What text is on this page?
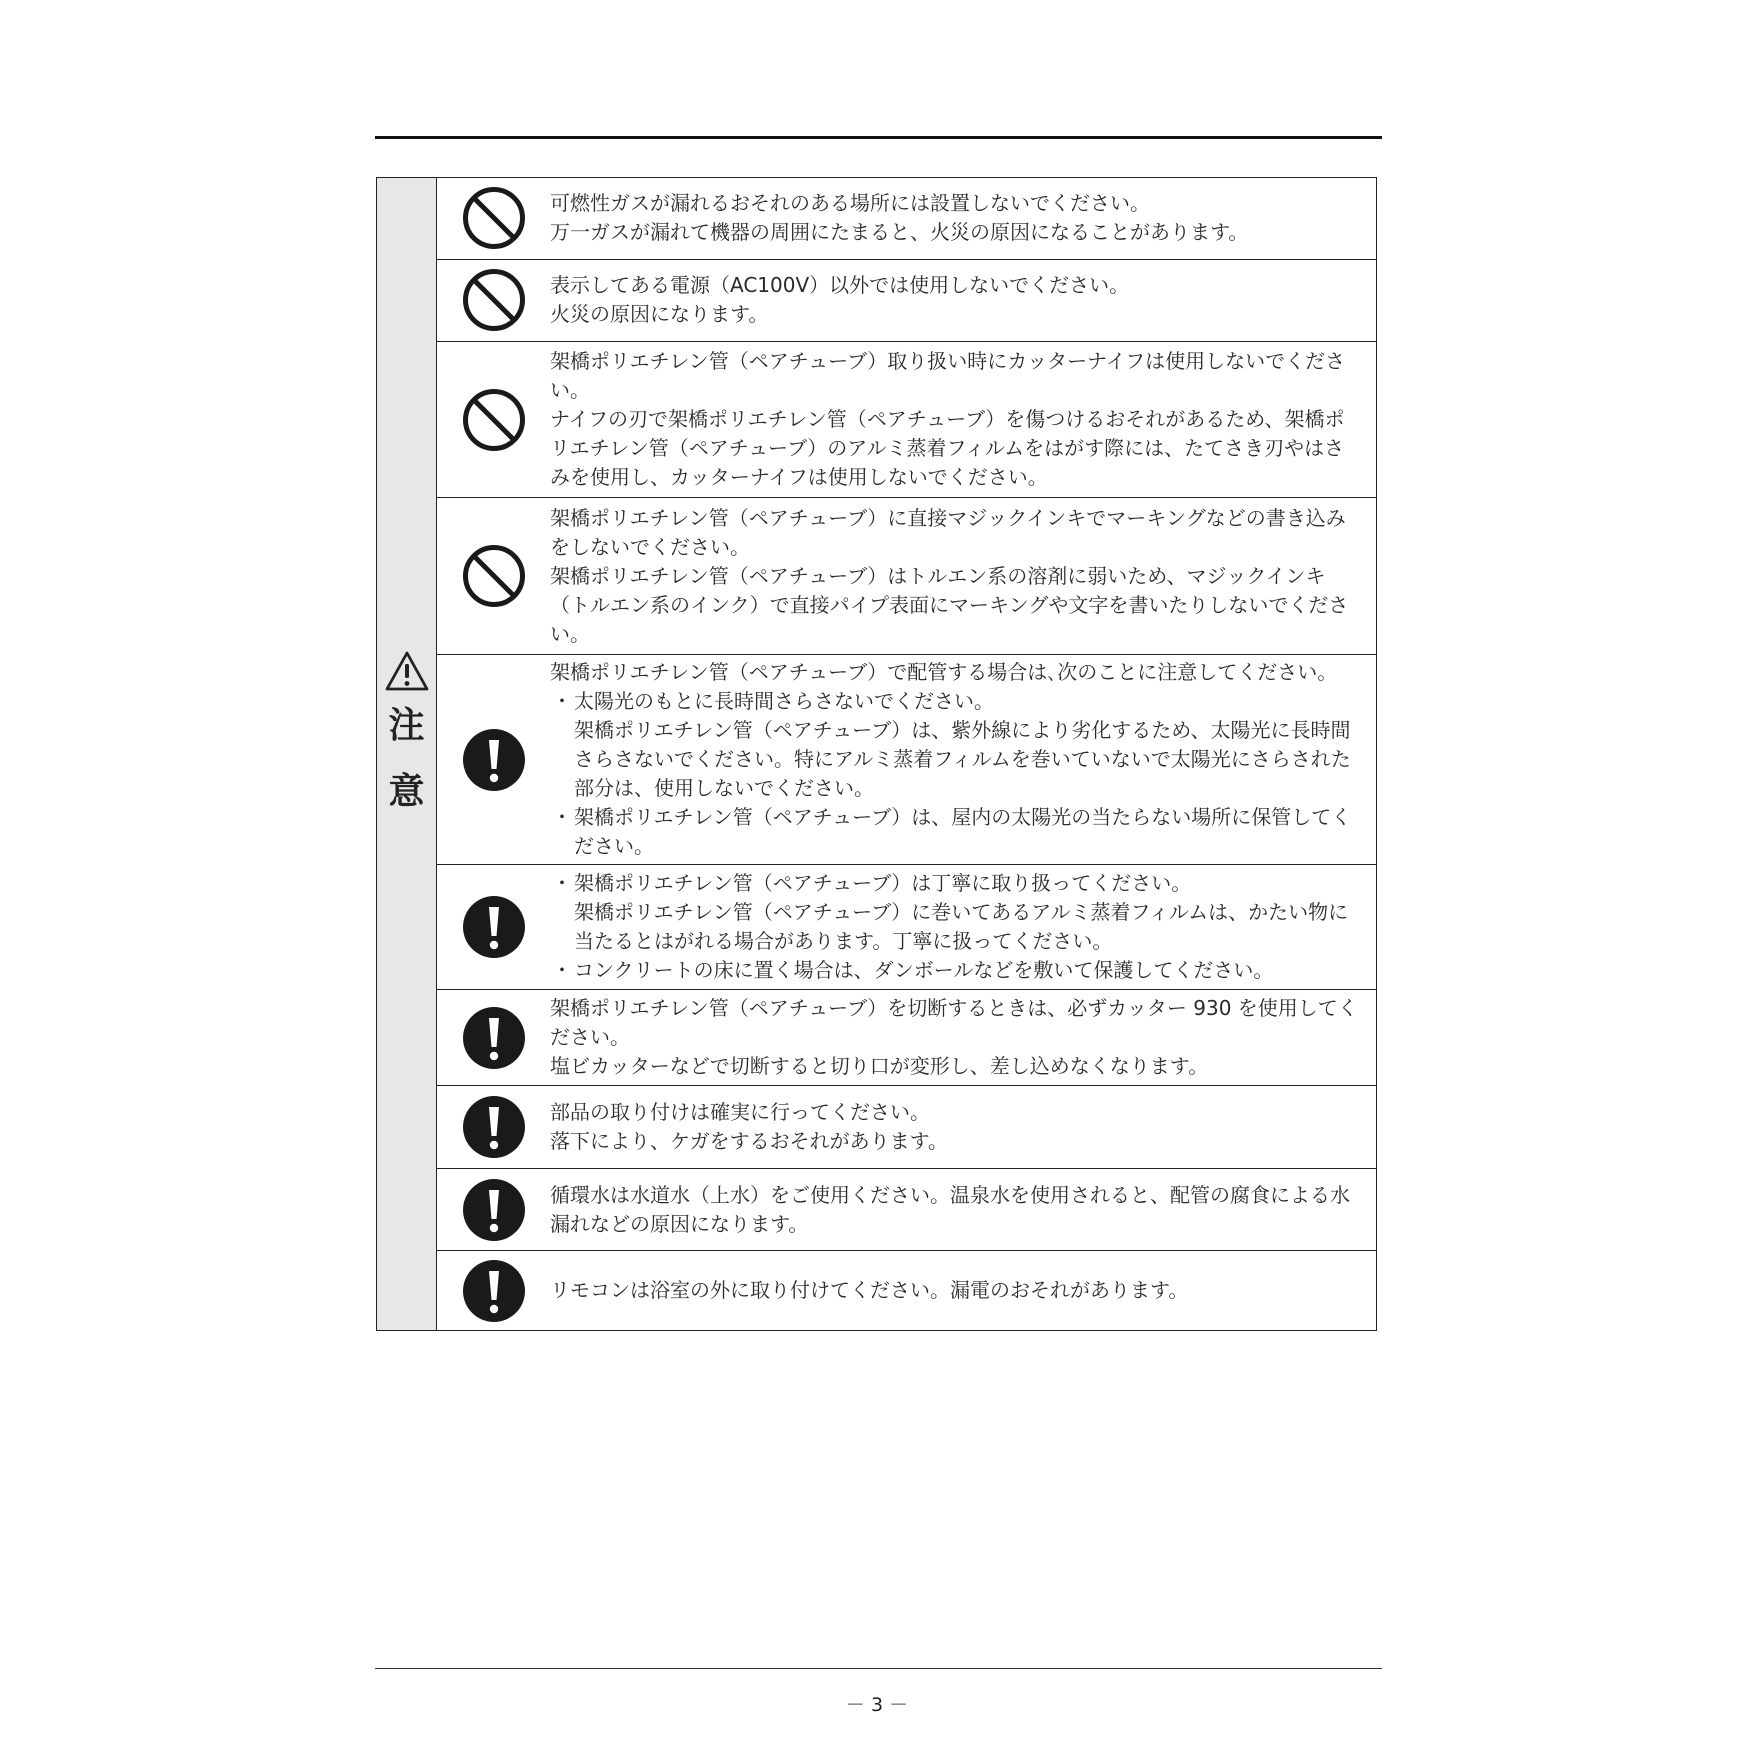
注
意

可燃性ガスが漏れるおそれのある場所には設置しないでください。

万一ガスが漏れて機器の周囲にたまると、火災の原因になることがあります。

表示してある電源（AC100V）以外では使用しないでください。

火災の原因になります。

架橋ポリエチレン管（ペアチューブ）取り扱い時にカッターナイフは使用しないでください。

ナイフの刃で架橋ポリエチレン管（ペアチューブ）を傷つけるおそれがあるため、架橋ポリエチレン管（ペアチューブ）のアルミ蒸着フィルムをはがす際には、たてさき刃やはさみを使用し、カッターナイフは使用しないでください。

架橋ポリエチレン管（ペアチューブ）に直接マジックインキでマーキングなどの書き込みをしないでください。

架橋ポリエチレン管（ペアチューブ）はトルエン系の溶剤に弱いため、マジックインキ（トルエン系のインク）で直接パイプ表面にマーキングや文字を書いたりしないでください。

架橋ポリエチレン管（ペアチューブ）で配管する場合は､次のことに注意してください。

・ 太陽光のもとに長時間さらさないでください。
架橋ポリエチレン管（ペアチューブ）は、紫外線により劣化するため、太陽光に長時間さらさないでください。特にアルミ蒸着フィルムを巻いていないで太陽光にさらされた部分は、使用しないでください。
・ 架橋ポリエチレン管（ペアチューブ）は、屋内の太陽光の当たらない場所に保管してください。
・ 架橋ポリエチレン管（ペアチューブ）は丁寧に取り扱ってください。
架橋ポリエチレン管（ペアチューブ）に巻いてあるアルミ蒸着フィルムは、かたい物に当たるとはがれる場合があります。丁寧に扱ってください。
・ コンクリートの床に置く場合は、ダンボールなどを敷いて保護してください。

架橋ポリエチレン管（ペアチューブ）を切断するときは、必ずカッター 930 を使用してください。

塩ビカッターなどで切断すると切り口が変形し、差し込めなくなります。

部品の取り付けは確実に行ってください。

落下により、ケガをするおそれがあります。

循環水は水道水（上水）をご使用ください。温泉水を使用されると、配管の腐食による水漏れなどの原因になります。

リモコンは浴室の外に取り付けてください。漏電のおそれがあります。

－ 3 －
